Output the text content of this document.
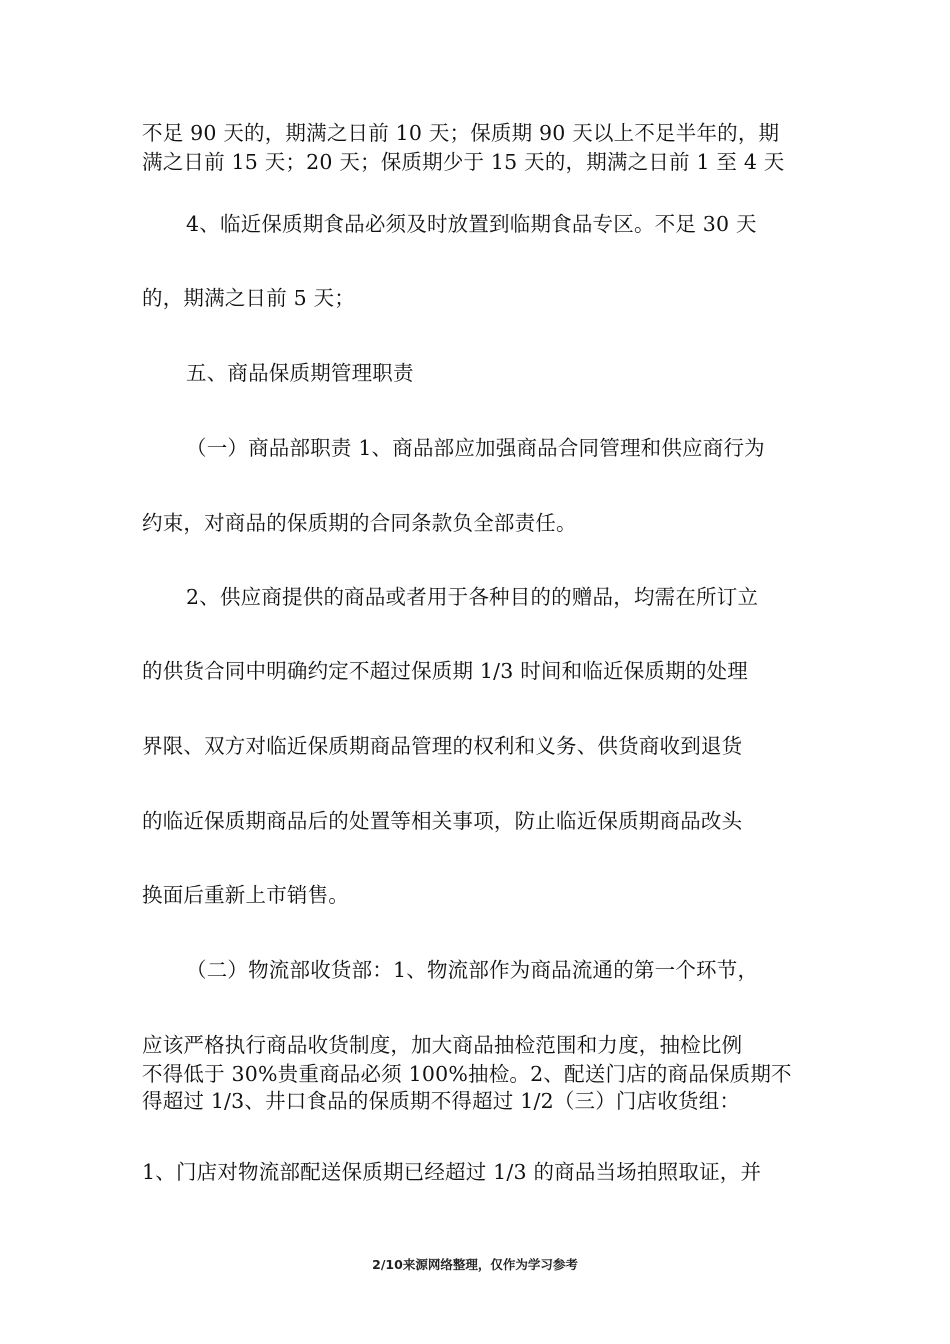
不足 90 天的，期满之日前 10 天；保质期 90 天以上不足半年的，期
满之日前 15 天；20 天；保质期少于 15 天的，期满之日前 1 至 4 天
4、临近保质期食品必须及时放置到临期食品专区。不足 30 天
的，期满之日前 5 天；
五、商品保质期管理职责
（一）商品部职责 1、商品部应加强商品合同管理和供应商行为
约束，对商品的保质期的合同条款负全部责任。
2、供应商提供的商品或者用于各种目的的赠品，均需在所订立
的供货合同中明确约定不超过保质期 1/3 时间和临近保质期的处理
界限、双方对临近保质期商品管理的权利和义务、供货商收到退货
的临近保质期商品后的处置等相关事项，防止临近保质期商品改头
换面后重新上市销售。
（二）物流部收货部：1、物流部作为商品流通的第一个环节，
应该严格执行商品收货制度，加大商品抽检范围和力度，抽检比例
不得低于 30%贵重商品必须 100%抽检。2、配送门店的商品保质期不
得超过 1/3、井口食品的保质期不得超过 1/2（三）门店收货组：
1、门店对物流部配送保质期已经超过 1/3 的商品当场拍照取证，并
2/10来源网络整理，仅作为学习参考
